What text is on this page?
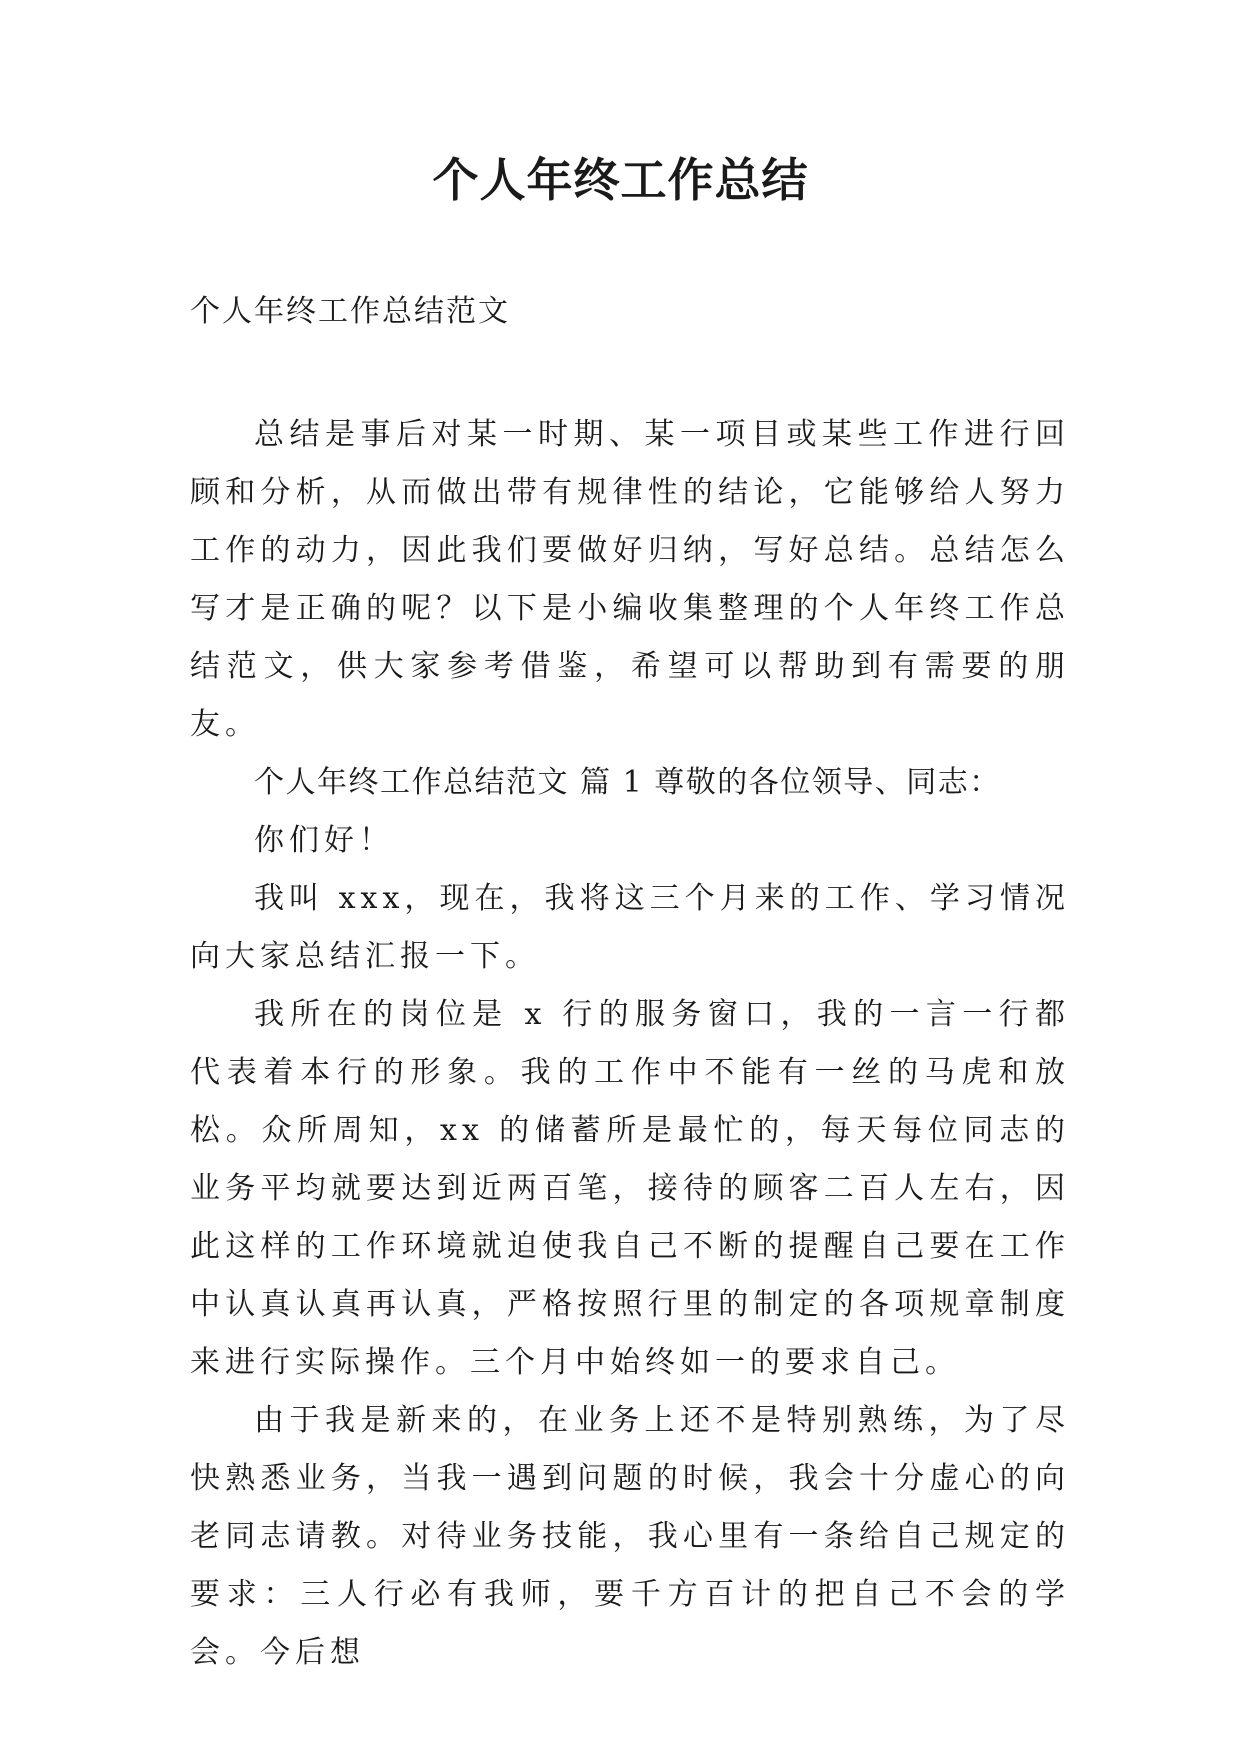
个人年终工作总结
个人年终工作总结范文

总结是事后对某一时期、某一项目或某些工作进行回顾和分析，从而做出带有规律性的结论，它能够给人努力工作的动力，因此我们要做好归纳，写好总结。总结怎么写才是正确的呢？以下是小编收集整理的个人年终工作总结范文，供大家参考借鉴，希望可以帮助到有需要的朋友。

个人年终工作总结范文 篇 1 尊敬的各位领导、同志：

你们好！

我叫 xxx，现在，我将这三个月来的工作、学习情况向大家总结汇报一下。

我所在的岗位是 x 行的服务窗口，我的一言一行都代表着本行的形象。我的工作中不能有一丝的马虎和放松。众所周知，xx 的储蓄所是最忙的，每天每位同志的业务平均就要达到近两百笔，接待的顾客二百人左右，因此这样的工作环境就迫使我自己不断的提醒自己要在工作中认真认真再认真，严格按照行里的制定的各项规章制度来进行实际操作。三个月中始终如一的要求自己。

由于我是新来的，在业务上还不是特别熟练，为了尽快熟悉业务，当我一遇到问题的时候，我会十分虚心的向老同志请教。对待业务技能，我心里有一条给自己规定的要求：三人行必有我师，要千方百计的把自己不会的学会。今后想
